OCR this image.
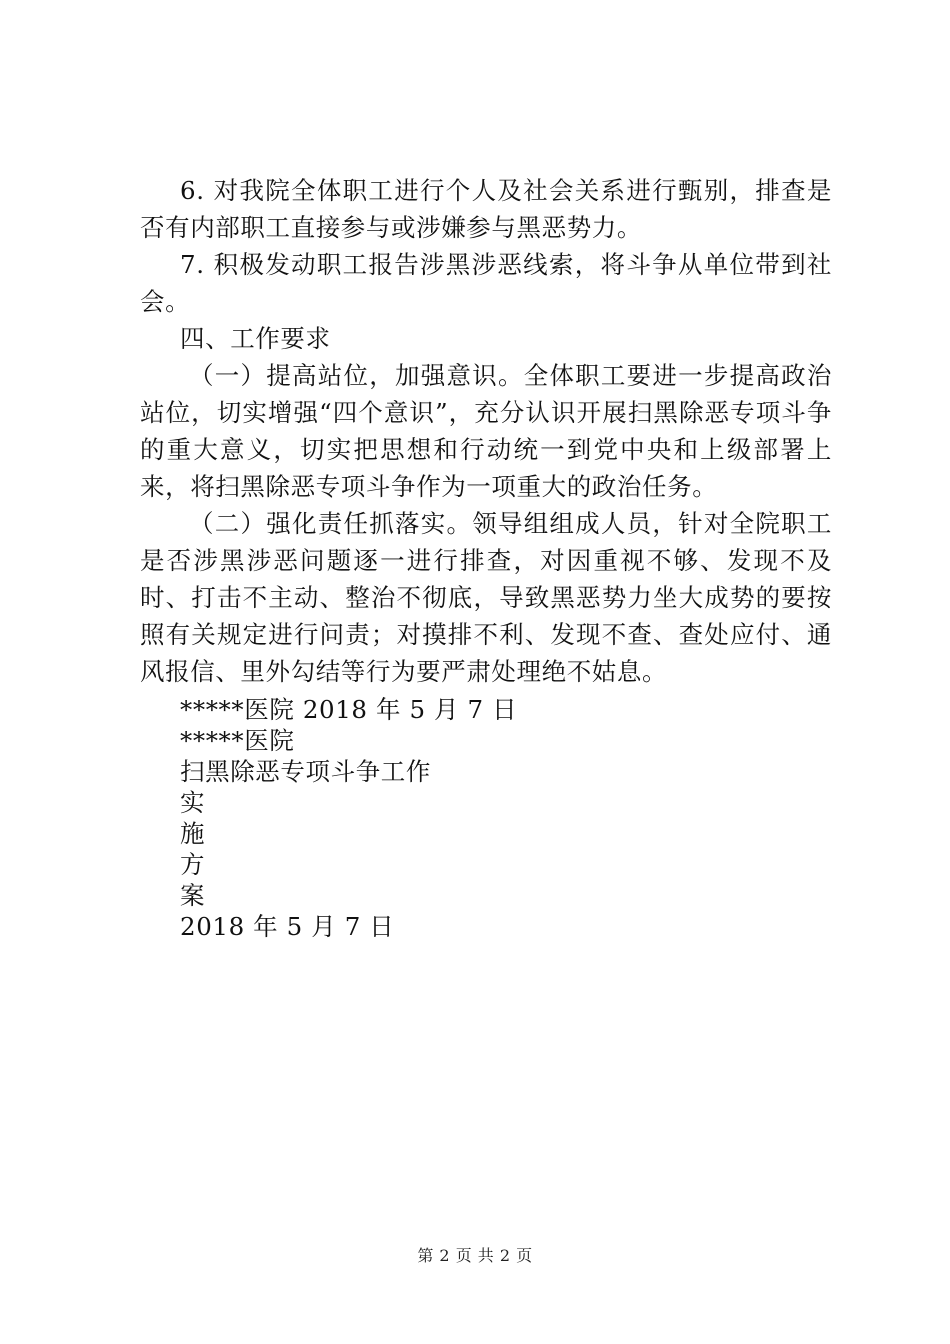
6. 对我院全体职工进行个人及社会关系进行甄别，排查是否有内部职工直接参与或涉嫌参与黑恶势力。

7. 积极发动职工报告涉黑涉恶线索，将斗争从单位带到社会。

四、工作要求

（一）提高站位，加强意识。全体职工要进一步提高政治站位，切实增强“四个意识”，充分认识开展扫黑除恶专项斗争的重大意义，切实把思想和行动统一到党中央和上级部署上来，将扫黑除恶专项斗争作为一项重大的政治任务。

（二）强化责任抓落实。领导组组成人员，针对全院职工是否涉黑涉恶问题逐一进行排查，对因重视不够、发现不及时、打击不主动、整治不彻底，导致黑恶势力坐大成势的要按照有关规定进行问责；对摸排不利、发现不查、查处应付、通风报信、里外勾结等行为要严肃处理绝不姑息。

*****医院 2018 年 5 月 7 日

*****医院

扫黑除恶专项斗争工作

实

施

方

案

2018 年 5 月 7 日

第 2 页 共 2 页
